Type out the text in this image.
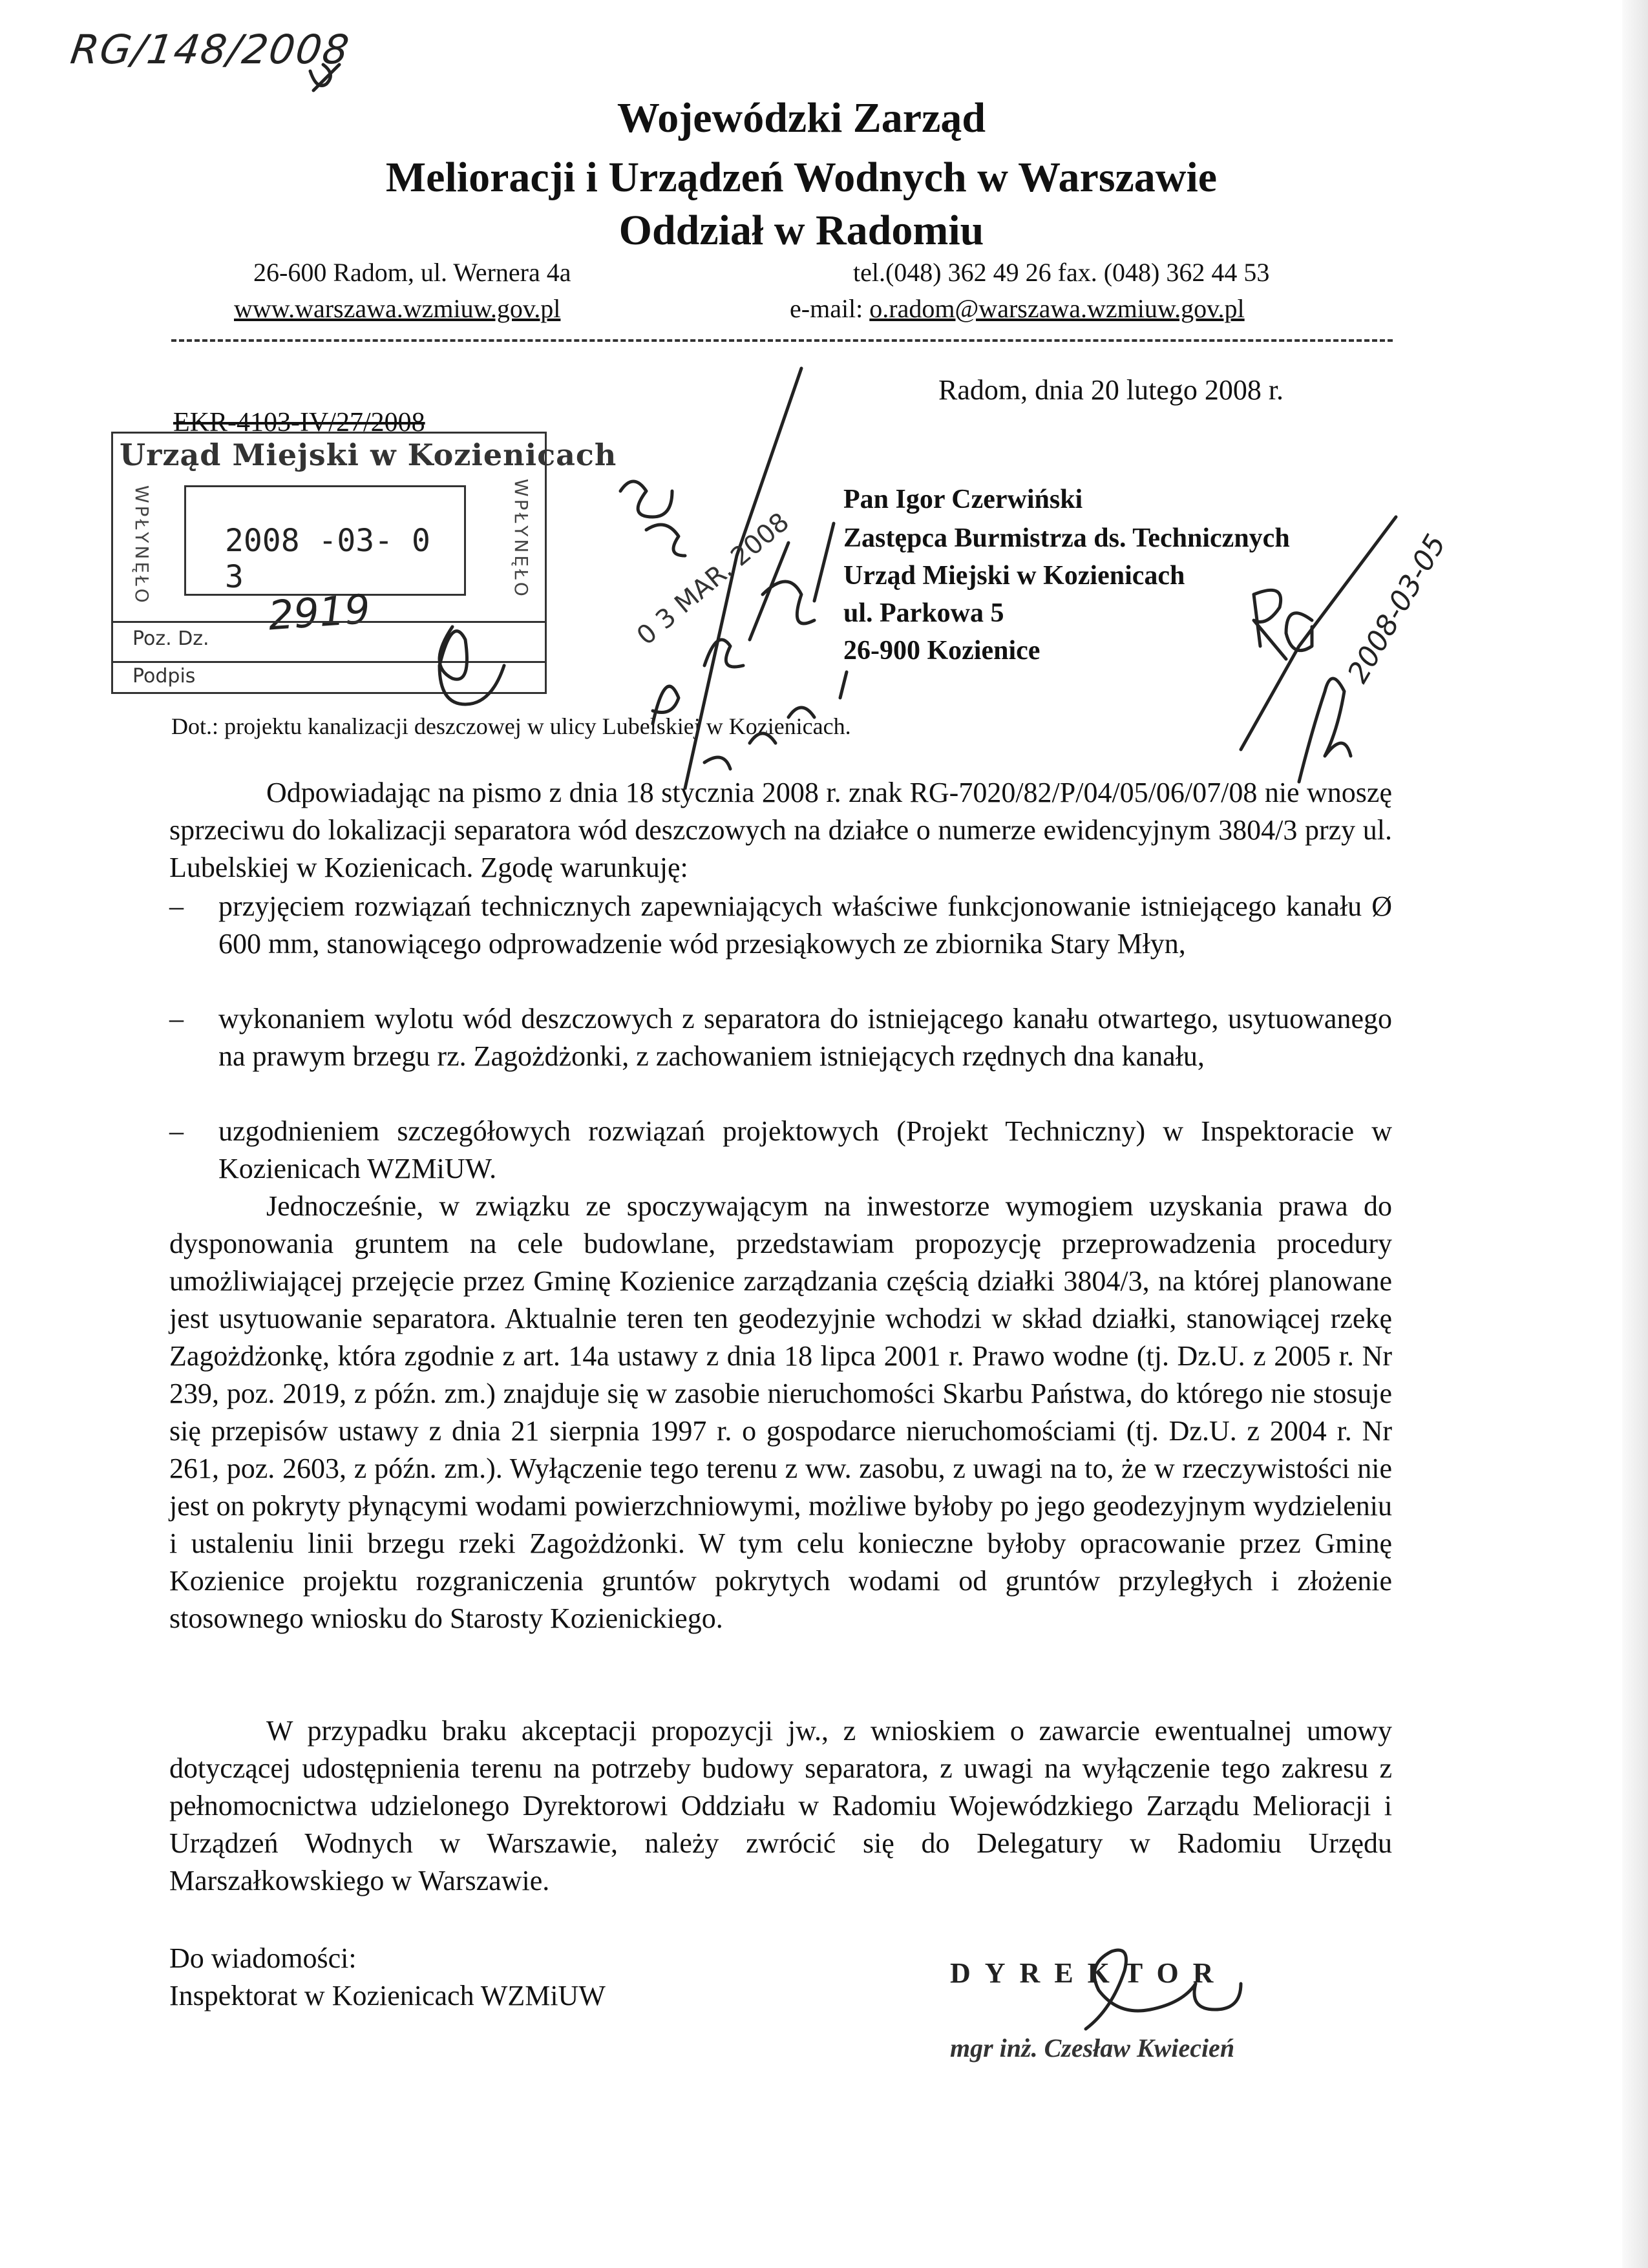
RG/148/2008
Wojewódzki Zarząd
Melioracji i Urządzeń Wodnych w Warszawie
Oddział w Radomiu
26-600 Radom, ul. Wernera 4a	tel.(048) 362 49 26 fax. (048) 362 44 53
www.warszawa.wzmiuw.gov.pl	e-mail: o.radom@warszawa.wzmiuw.gov.pl
Radom, dnia 20 lutego 2008 r.
EKR-4103-IV/27/2008
Urząd Miejski w Kozienicach
WPŁYNĘŁO	WPŁYNĘŁO
2008 -03- 0 3
2919
Poz. Dz.
Podpis
Pan Igor Czerwiński
Zastępca Burmistrza ds. Technicznych
Urząd Miejski w Kozienicach
ul. Parkowa 5
26-900 Kozienice
Dot.: projektu kanalizacji deszczowej w ulicy Lubelskiej w Kozienicach.

Odpowiadając na pismo z dnia 18 stycznia 2008 r. znak RG-7020/82/P/04/05/06/07/08 nie wnoszę sprzeciwu do lokalizacji separatora wód deszczowych na działce o numerze ewidencyjnym 3804/3 przy ul. Lubelskiej w Kozienicach. Zgodę warunkuję:

– przyjęciem rozwiązań technicznych zapewniających właściwe funkcjonowanie istniejącego kanału Ø 600 mm, stanowiącego odprowadzenie wód przesiąkowych ze zbiornika Stary Młyn,
– wykonaniem wylotu wód deszczowych z separatora do istniejącego kanału otwartego, usytuowanego na prawym brzegu rz. Zagożdżonki, z zachowaniem istniejących rzędnych dna kanału,
– uzgodnieniem szczegółowych rozwiązań projektowych (Projekt Techniczny) w Inspektoracie w Kozienicach WZMiUW.

Jednocześnie, w związku ze spoczywającym na inwestorze wymogiem uzyskania prawa do dysponowania gruntem na cele budowlane, przedstawiam propozycję przeprowadzenia procedury umożliwiającej przejęcie przez Gminę Kozienice zarządzania częścią działki 3804/3, na której planowane jest usytuowanie separatora. Aktualnie teren ten geodezyjnie wchodzi w skład działki, stanowiącej rzekę Zagożdżonkę, która zgodnie z art. 14a ustawy z dnia 18 lipca 2001 r. Prawo wodne (tj. Dz.U. z 2005 r. Nr 239, poz. 2019, z późn. zm.) znajduje się w zasobie nieruchomości Skarbu Państwa, do którego nie stosuje się przepisów ustawy z dnia 21 sierpnia 1997 r. o gospodarce nieruchomościami (tj. Dz.U. z 2004 r. Nr 261, poz. 2603, z późn. zm.). Wyłączenie tego terenu z ww. zasobu, z uwagi na to, że w rzeczywistości nie jest on pokryty płynącymi wodami powierzchniowymi, możliwe byłoby po jego geodezyjnym wydzieleniu i ustaleniu linii brzegu rzeki Zagożdżonki. W tym celu konieczne byłoby opracowanie przez Gminę Kozienice projektu rozgraniczenia gruntów pokrytych wodami od gruntów przyległych i złożenie stosownego wniosku do Starosty Kozienickiego.

W przypadku braku akceptacji propozycji jw., z wnioskiem o zawarcie ewentualnej umowy dotyczącej udostępnienia terenu na potrzeby budowy separatora, z uwagi na wyłączenie tego zakresu z pełnomocnictwa udzielonego Dyrektorowi Oddziału w Radomiu Wojewódzkiego Zarządu Melioracji i Urządzeń Wodnych w Warszawie, należy zwrócić się do Delegatury w Radomiu Urzędu Marszałkowskiego w Warszawie.

Do wiadomości:
Inspektorat w Kozienicach WZMiUW
DYREKTOR
mgr inż. Czesław Kwiecień
0 3 MAR. 2008	2008-03-05
